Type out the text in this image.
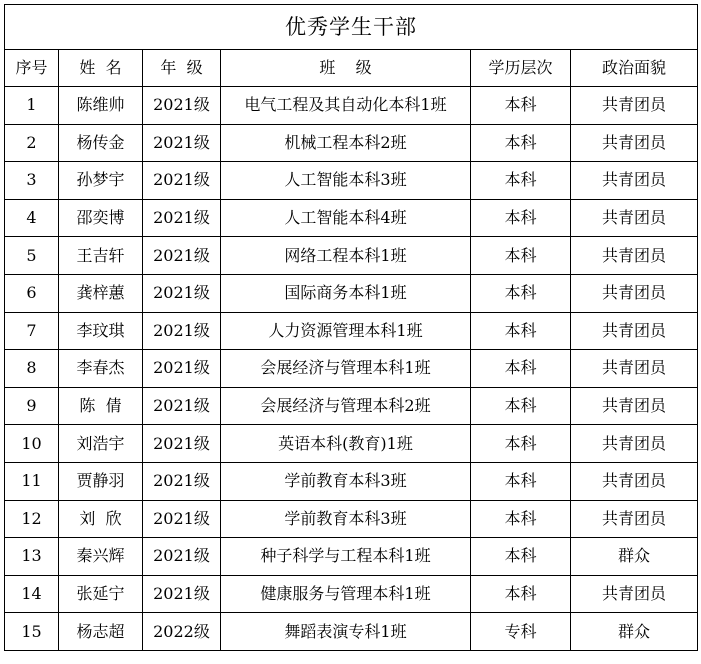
优秀学生干部					
序号	姓  名	年  级	班    级	学历层次	政治面貌
1	陈维帅	2021级	电气工程及其自动化本科1班	本科	共青团员
2	杨传金	2021级	机械工程本科2班	本科	共青团员
3	孙梦宇	2021级	人工智能本科3班	本科	共青团员
4	邵奕博	2021级	人工智能本科4班	本科	共青团员
5	王吉轩	2021级	网络工程本科1班	本科	共青团员
6	龚梓蕙	2021级	国际商务本科1班	本科	共青团员
7	李玟琪	2021级	人力资源管理本科1班	本科	共青团员
8	李春杰	2021级	会展经济与管理本科1班	本科	共青团员
9	陈  倩	2021级	会展经济与管理本科2班	本科	共青团员
10	刘浩宇	2021级	英语本科(教育)1班	本科	共青团员
11	贾静羽	2021级	学前教育本科3班	本科	共青团员
12	刘  欣	2021级	学前教育本科3班	本科	共青团员
13	秦兴辉	2021级	种子科学与工程本科1班	本科	群众
14	张延宁	2021级	健康服务与管理本科1班	本科	共青团员
15	杨志超	2022级	舞蹈表演专科1班	专科	群众
